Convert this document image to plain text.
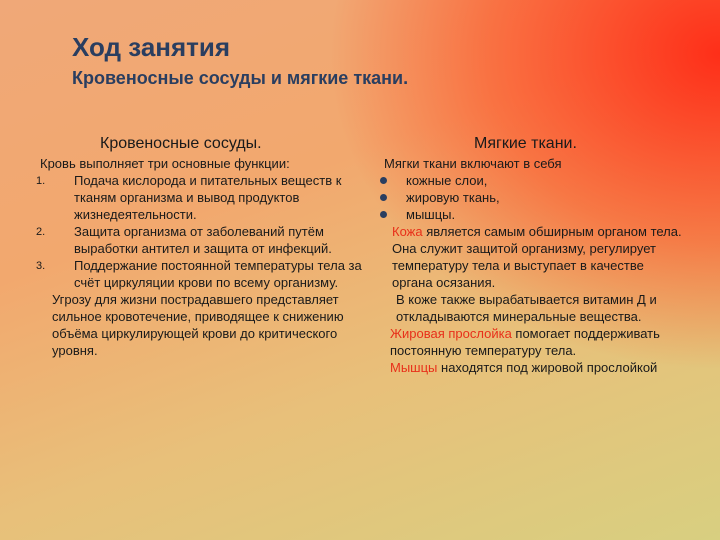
Ход занятия
Кровеносные сосуды и мягкие ткани.
Кровеносные сосуды.	Мягкие ткани.

Кровь выполняет три основные функции:

1. Подача кислорода и питательных веществ к тканям организма и вывод продуктов жизнедеятельности.
2. Защита организма от заболеваний путём выработки антител и защита от инфекций.
3. Поддержание постоянной температуры тела за счёт циркуляции крови по всему организму.

Угрозу для жизни пострадавшего представляет сильное кровотечение, приводящее к снижению объёма циркулирующей крови до критического уровня.

Мягки ткани включают в себя

кожные слои,
жировую ткань,
мышцы.

Кожа является самым обширным органом тела. Она служит защитой организму, регулирует температуру тела и выступает в качестве органа осязания.

В коже также вырабатывается витамин Д и откладываются минеральные вещества.

Жировая прослойка помогает поддерживать постоянную температуру тела.

Мышцы находятся под жировой прослойкой
